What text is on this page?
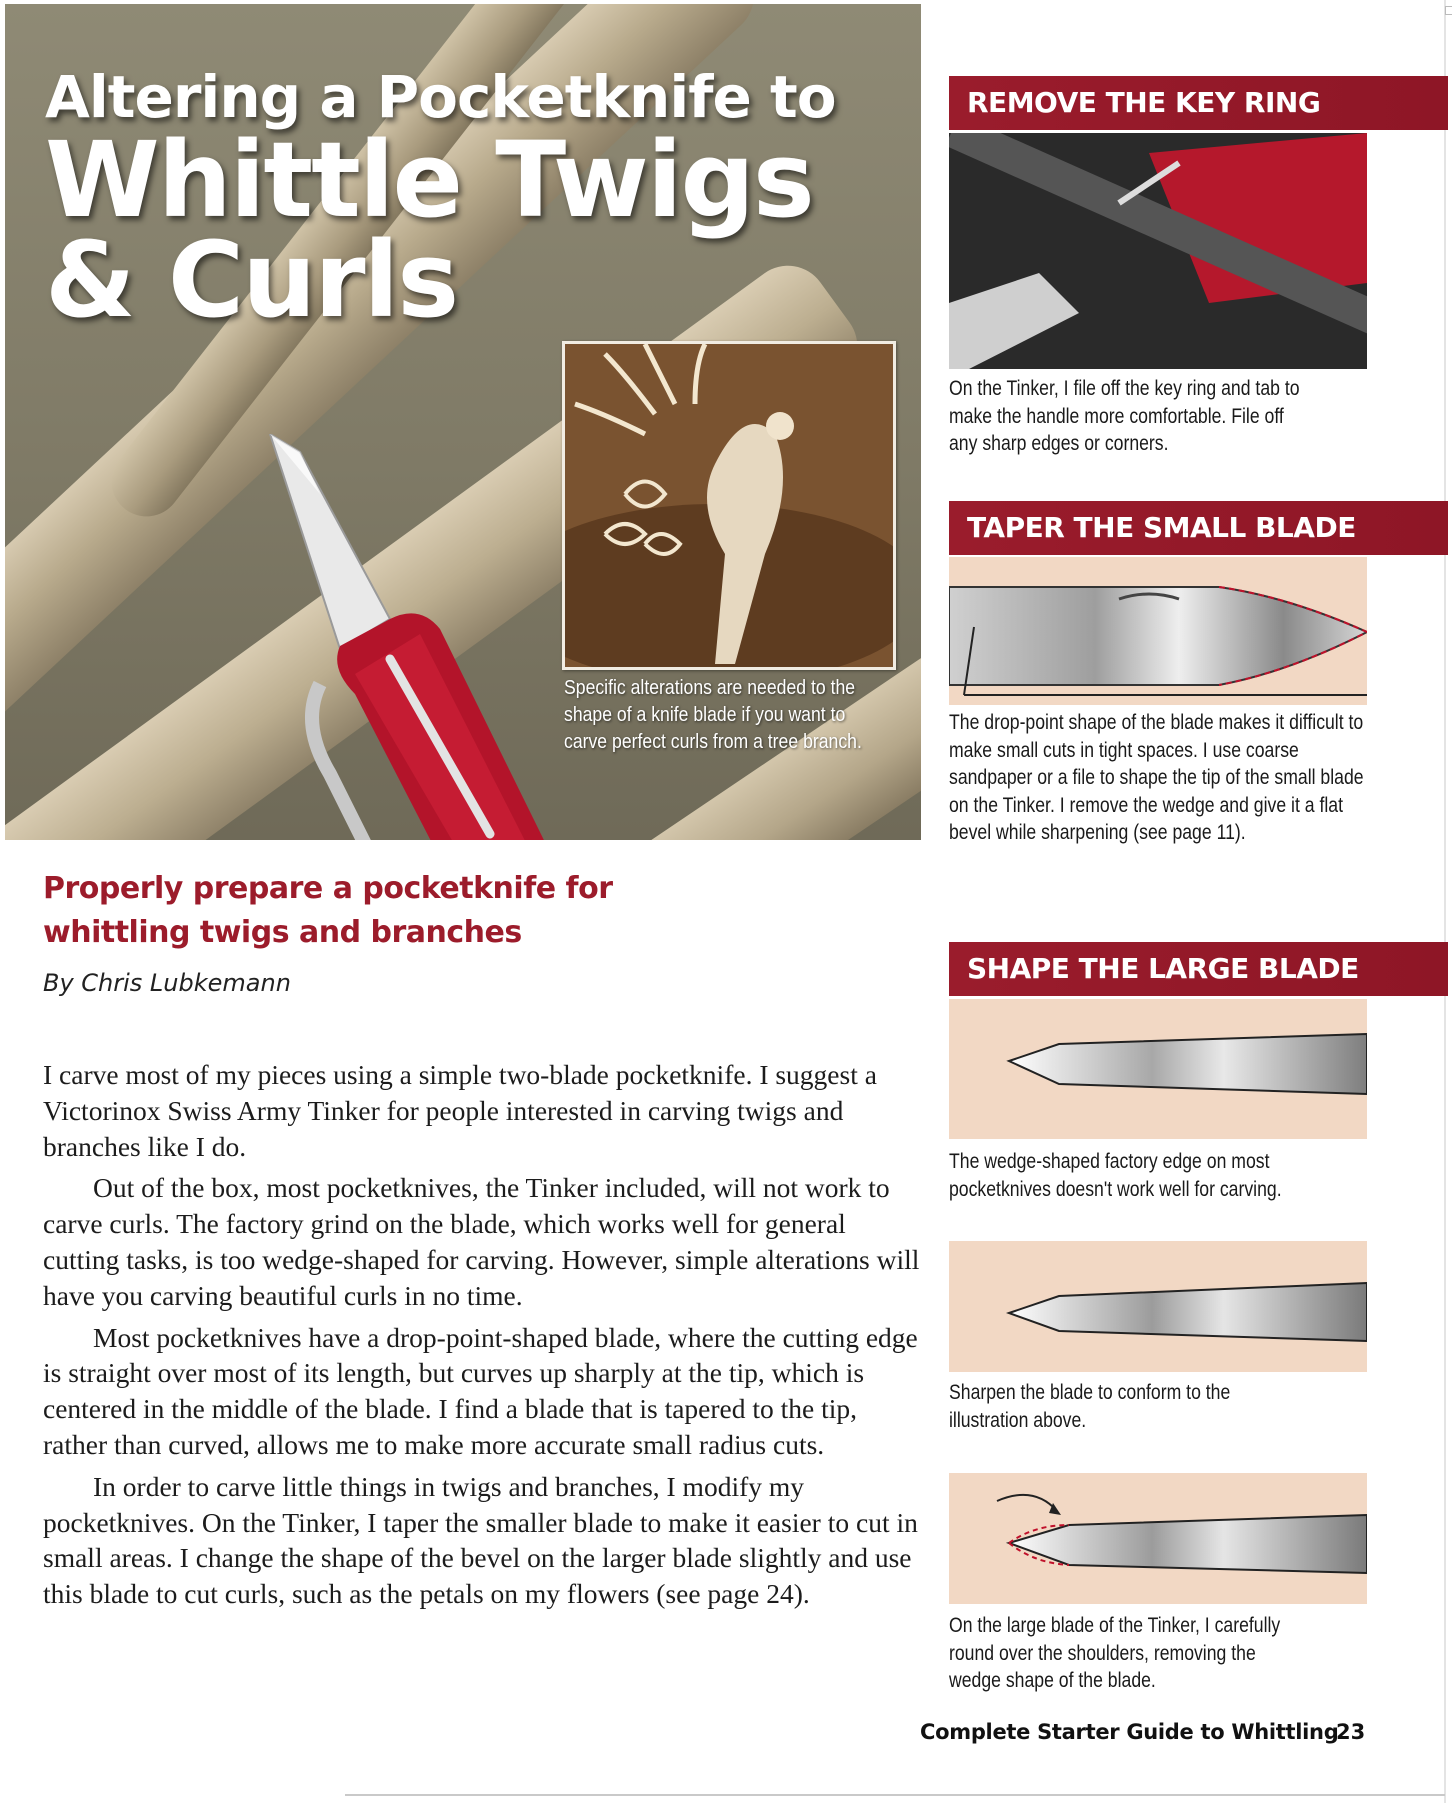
Altering a Pocketknife to
Whittle Twigs
& Curls

Specific alterations are needed to the shape of a knife blade if you want to carve perfect curls from a tree branch.

Properly prepare a pocketknife for whittling twigs and branches

By Chris Lubkemann

I carve most of my pieces using a simple two-blade pocketknife. I suggest a Victorinox Swiss Army Tinker for people interested in carving twigs and branches like I do.

Out of the box, most pocketknives, the Tinker included, will not work to carve curls. The factory grind on the blade, which works well for general cutting tasks, is too wedge-shaped for carving. However, simple alterations will have you carving beautiful curls in no time.

Most pocketknives have a drop-point-shaped blade, where the cutting edge is straight over most of its length, but curves up sharply at the tip, which is centered in the middle of the blade. I find a blade that is tapered to the tip, rather than curved, allows me to make more accurate small radius cuts.

In order to carve little things in twigs and branches, I modify my pocketknives. On the Tinker, I taper the smaller blade to make it easier to cut in small areas. I change the shape of the bevel on the larger blade slightly and use this blade to cut curls, such as the petals on my flowers (see page 24).

REMOVE THE KEY RING

On the Tinker, I file off the key ring and tab to make the handle more comfortable. File off any sharp edges or corners.

TAPER THE SMALL BLADE

The drop-point shape of the blade makes it difficult to make small cuts in tight spaces. I use coarse sandpaper or a file to shape the tip of the small blade on the Tinker. I remove the wedge and give it a flat bevel while sharpening (see page 11).

SHAPE THE LARGE BLADE

The wedge-shaped factory edge on most pocketknives doesn't work well for carving.

Sharpen the blade to conform to the illustration above.

On the large blade of the Tinker, I carefully round over the shoulders, removing the wedge shape of the blade.

Complete Starter Guide to Whittling

23
